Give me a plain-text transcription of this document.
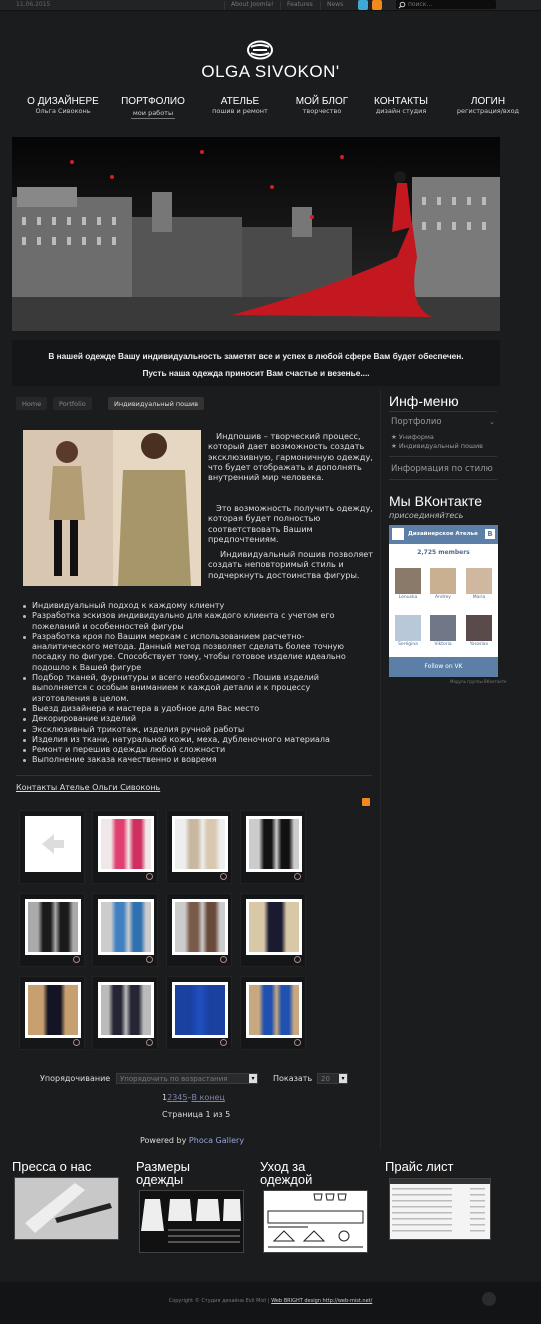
11.06.2015	About Joomla!	Features	News
поиск...
OLGA SIVOKON'
О ДИЗАЙНЕРЕ
Ольга Сивоконь
ПОРТФОЛИО
мои работы
АТЕЛЬЕ
пошив и ремонт
МОЙ БЛОГ
творчество
КОНТАКТЫ
дизайн студия
ЛОГИН
регистрация/вход
В нашей одежде Вашу индивидуальность заметят все и успех в любой сфере Вам будет обеспечен.
Пусть наша одежда приносит Вам счастье и везенье....
Home	Portfolio	Индивидуальный пошив
Индпошив – творческий процесс, который дает возможность создать эксклюзивную, гармоничную одежду, что будет отображать и дополнять внутренний мир человека.
Это возможность получить одежду, которая будет полностью соответствовать Вашим предпочтениям.
Индивидуальный пошив позволяет создать неповторимый стиль и подчеркнуть достоинства фигуры.
Индивидуальный подход к каждому клиенту
Разработка эскизов индивидуально для каждого клиента с учетом его пожеланий и особенностей фигуры
Разработка кроя по Вашим меркам с использованием расчетно-аналитического метода. Данный метод позволяет сделать более точную посадку по фигуре. Способствует тому, чтобы готовое изделие идеально подошло к Вашей фигуре
Подбор тканей, фурнитуры и всего необходимого - Пошив изделий выполняется с особым вниманием к каждой детали и к процессу изготовления в целом.
Выезд дизайнера и мастера в удобное для Вас место
Декорирование изделий
Эксклюзивный трикотаж, изделия ручной работы
Изделия из ткани, натуральной кожи, меха, дубленочного материала
Ремонт и перешив одежды любой сложности
Выполнение заказа качественно и вовремя
Контакты Ателье Ольги Сивоконь
Упорядочивание	Упорядочить по возрастания	▾	Показать	20	▾
12345–В конец
Страница 1 из 5
Powered by Phoca Gallery
Инф-меню
Портфолио	⌄
★ Униформа
★ Индивидуальный пошив
Информация по стилю
Мы ВКонтакте
присоединяйтесь
Дизайнерское Ателье	B
2,725 members
Lenuska	Andrey	Maria
Serégina	Viktoria	Yaroslav
Follow on VK
Модуль группы ВКонтакте
Пресса о нас	Размеры одежды
Уход за одеждой
Прайс лист
Copyright © Студия дизайна Evil Mist | Web BRIGHT design http://web-mist.net/
